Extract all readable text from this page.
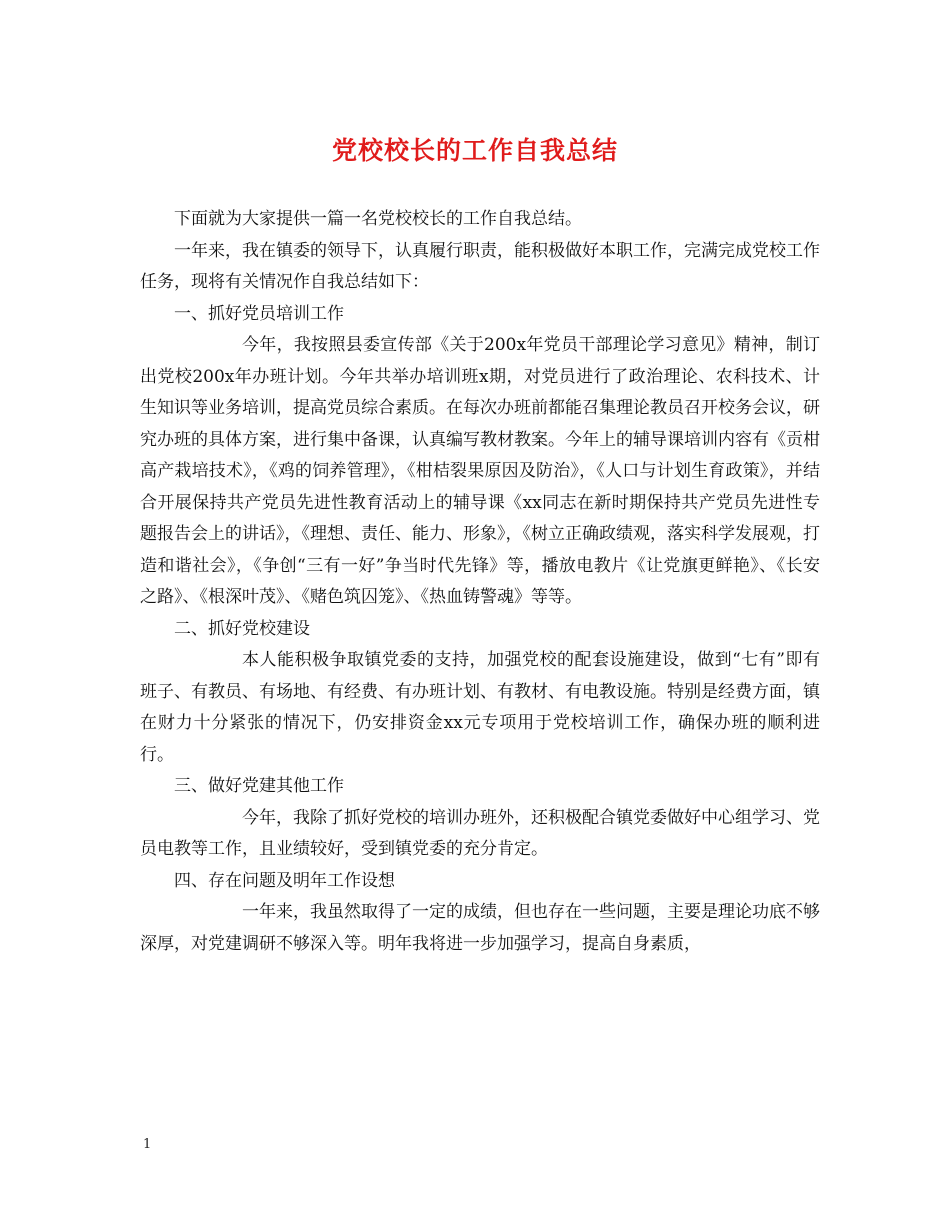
党校校长的工作自我总结

下面就为大家提供一篇一名党校校长的工作自我总结。

一年来，我在镇委的领导下，认真履行职责，能积极做好本职工作，完满完成党校工作任务，现将有关情况作自我总结如下：

一、抓好党员培训工作

今年，我按照县委宣传部《关于200x年党员干部理论学习意见》精神，制订出党校200x年办班计划。今年共举办培训班x期，对党员进行了政治理论、农科技术、计生知识等业务培训，提高党员综合素质。在每次办班前都能召集理论教员召开校务会议，研究办班的具体方案，进行集中备课，认真编写教材教案。今年上的辅导课培训内容有《贡柑高产栽培技术》，《鸡的饲养管理》，《柑桔裂果原因及防治》，《人口与计划生育政策》，并结合开展保持共产党员先进性教育活动上的辅导课《xx同志在新时期保持共产党员先进性专题报告会上的讲话》，《理想、责任、能力、形象》，《树立正确政绩观，落实科学发展观，打造和谐社会》，《争创“三有一好”争当时代先锋》等，播放电教片《让党旗更鲜艳》、《长安之路》、《根深叶茂》、《赌色筑囚笼》、《热血铸警魂》等等。

二、抓好党校建设

本人能积极争取镇党委的支持，加强党校的配套设施建设，做到“七有”即有班子、有教员、有场地、有经费、有办班计划、有教材、有电教设施。特别是经费方面，镇在财力十分紧张的情况下，仍安排资金xx元专项用于党校培训工作，确保办班的顺利进行。

三、做好党建其他工作

今年，我除了抓好党校的培训办班外，还积极配合镇党委做好中心组学习、党员电教等工作，且业绩较好，受到镇党委的充分肯定。

四、存在问题及明年工作设想

一年来，我虽然取得了一定的成绩，但也存在一些问题，主要是理论功底不够深厚，对党建调研不够深入等。明年我将进一步加强学习，提高自身素质，

1
